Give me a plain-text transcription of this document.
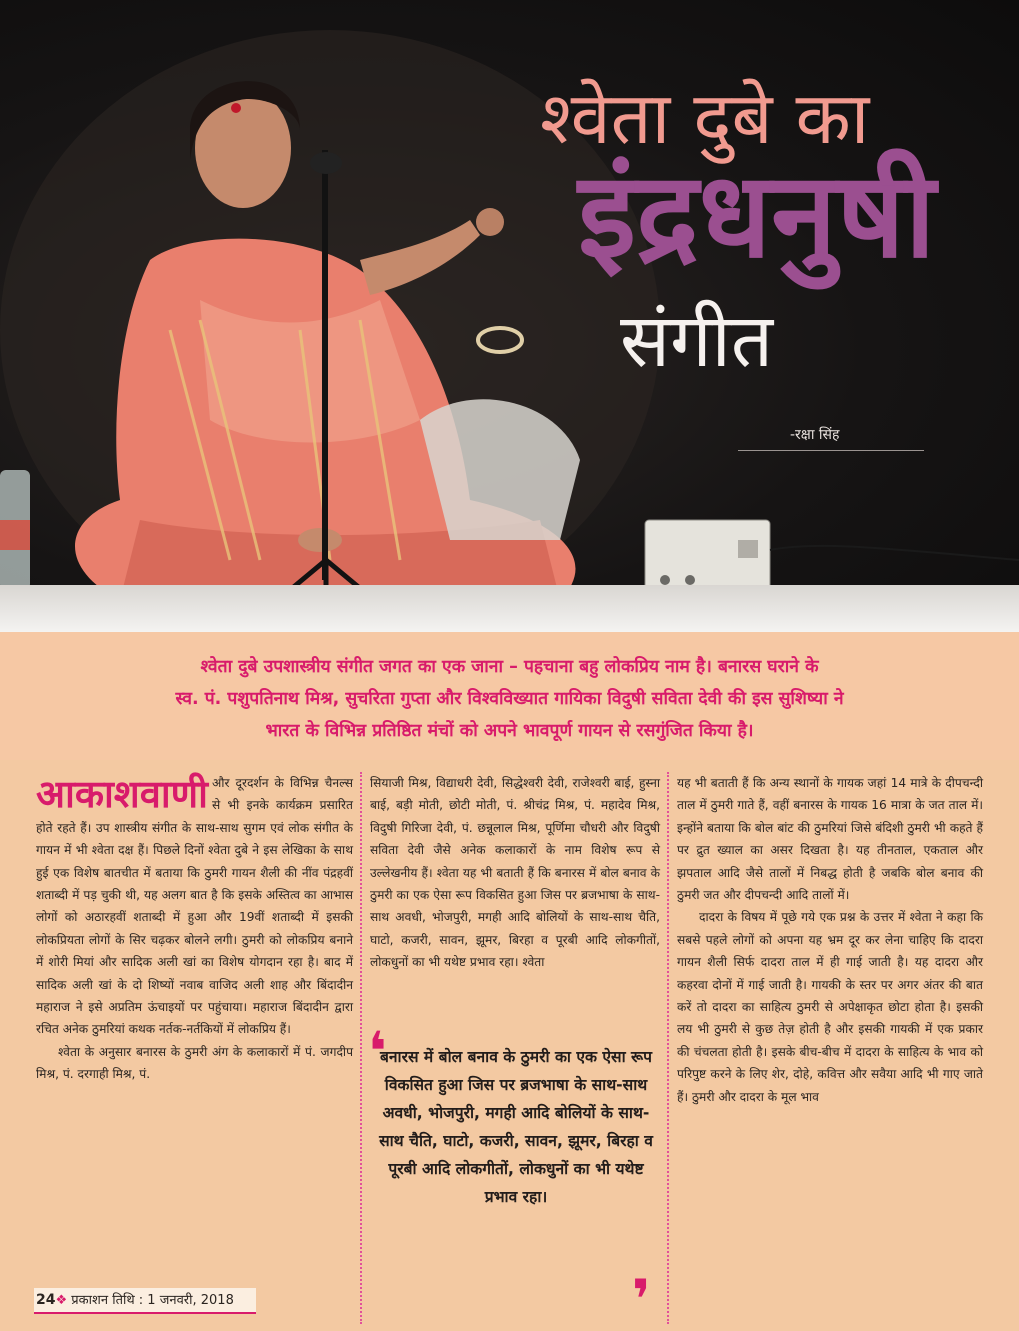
श्वेता दुबे का
इंद्रधनुषी
संगीत
-रक्षा सिंह

श्वेता दुबे उपशास्त्रीय संगीत जगत का एक जाना – पहचाना बहु लोकप्रिय नाम है। बनारस घराने के

स्व. पं. पशुपतिनाथ मिश्र, सुचरिता गुप्ता और विश्वविख्यात गायिका विदुषी सविता देवी की इस सुशिष्या ने

भारत के विभिन्न प्रतिष्ठित मंचों को अपने भावपूर्ण गायन से रसगुंजित किया है।

आकाशवाणी और दूरदर्शन के विभिन्न चैनल्स से भी इनके कार्यक्रम प्रसारित होते रहते हैं। उप शास्त्रीय संगीत के साथ-साथ सुगम एवं लोक संगीत के गायन में भी श्वेता दक्ष हैं। पिछले दिनों श्वेता दुबे ने इस लेखिका के साथ हुई एक विशेष बातचीत में बताया कि ठुमरी गायन शैली की नींव पंद्रहवीं शताब्दी में पड़ चुकी थी, यह अलग बात है कि इसके अस्तित्व का आभास लोगों को अठारहवीं शताब्दी में हुआ और 19वीं शताब्दी में इसकी लोकप्रियता लोगों के सिर चढ़कर बोलने लगी। ठुमरी को लोकप्रिय बनाने में शोरी मियां और सादिक अली खां का विशेष योगदान रहा है। बाद में सादिक अली खां के दो शिष्यों नवाब वाजिद अली शाह और बिंदादीन महाराज ने इसे अप्रतिम ऊंचाइयों पर पहुंचाया। महाराज बिंदादीन द्वारा रचित अनेक ठुमरियां कथक नर्तक-नर्तकियों में लोकप्रिय हैं।

श्वेता के अनुसार बनारस के ठुमरी अंग के कलाकारों में पं. जगदीप मिश्र, पं. दरगाही मिश्र, पं.

सियाजी मिश्र, विद्याधरी देवी, सिद्धेश्वरी देवी, राजेश्वरी बाई, हुस्ना बाई, बड़ी मोती, छोटी मोती, पं. श्रीचंद्र मिश्र, पं. महादेव मिश्र, विदुषी गिरिजा देवी, पं. छन्नूलाल मिश्र, पूर्णिमा चौधरी और विदुषी सविता देवी जैसे अनेक कलाकारों के नाम विशेष रूप से उल्लेखनीय हैं। श्वेता यह भी बताती हैं कि बनारस में बोल बनाव के ठुमरी का एक ऐसा रूप विकसित हुआ जिस पर ब्रजभाषा के साथ-साथ अवधी, भोजपुरी, मगही आदि बोलियों के साथ-साथ चैति, घाटो, कजरी, सावन, झूमर, बिरहा व पूरबी आदि लोकगीतों, लोकधुनों का भी यथेष्ट प्रभाव रहा। श्वेता

❛
बनारस में बोल बनाव के ठुमरी का एक ऐसा रूप विकसित हुआ जिस पर ब्रजभाषा के साथ-साथ अवधी, भोजपुरी, मगही आदि बोलियों के साथ-साथ चैति, घाटो, कजरी, सावन, झूमर, बिरहा व पूरबी आदि लोकगीतों, लोकधुनों का भी यथेष्ट प्रभाव रहा।
❜

यह भी बताती हैं कि अन्य स्थानों के गायक जहां 14 मात्रे के दीपचन्दी ताल में ठुमरी गाते हैं, वहीं बनारस के गायक 16 मात्रा के जत ताल में। इन्होंने बताया कि बोल बांट की ठुमरियां जिसे बंदिशी ठुमरी भी कहते हैं पर द्रुत ख्याल का असर दिखता है। यह तीनताल, एकताल और झपताल आदि जैसे तालों में निबद्ध होती है जबकि बोल बनाव की ठुमरी जत और दीपचन्दी आदि तालों में।

दादरा के विषय में पूछे गये एक प्रश्न के उत्तर में श्वेता ने कहा कि सबसे पहले लोगों को अपना यह भ्रम दूर कर लेना चाहिए कि दादरा गायन शैली सिर्फ दादरा ताल में ही गाई जाती है। यह दादरा और कहरवा दोनों में गाई जाती है। गायकी के स्तर पर अगर अंतर की बात करें तो दादरा का साहित्य ठुमरी से अपेक्षाकृत छोटा होता है। इसकी लय भी ठुमरी से कुछ तेज़ होती है और इसकी गायकी में एक प्रकार की चंचलता होती है। इसके बीच-बीच में दादरा के साहित्य के भाव को परिपुष्ट करने के लिए शेर, दोहे, कवित्त और सवैया आदि भी गाए जाते हैं। ठुमरी और दादरा के मूल भाव

24❖ प्रकाशन तिथि : 1 जनवरी, 2018
